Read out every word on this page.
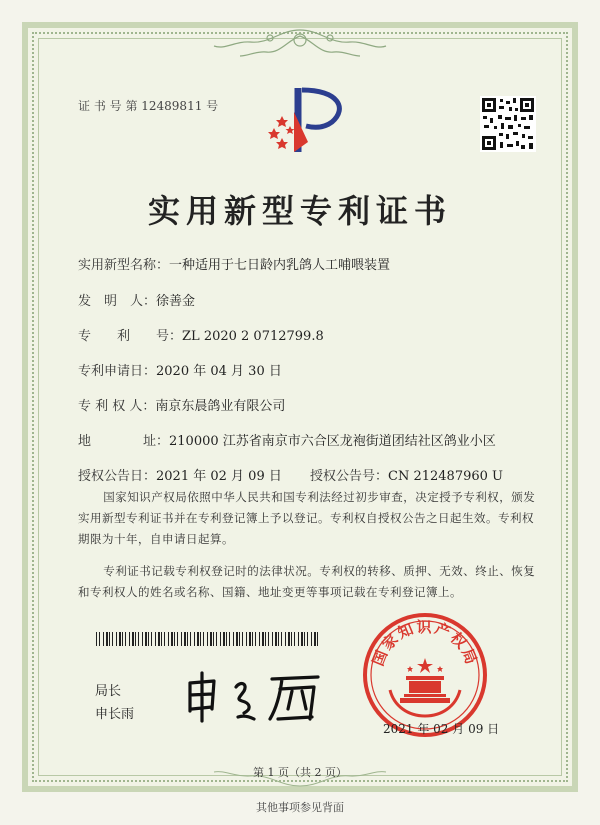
证 书 号 第 12489811 号
实用新型专利证书
实用新型名称：一种适用于七日龄内乳鸽人工哺喂装置
发　明　人：徐善金
专　　利　　号：ZL 2020 2 0712799.8
专利申请日：2020 年 04 月 30 日
专 利 权 人：南京东晨鸽业有限公司
地　　　　址：210000 江苏省南京市六合区龙袍街道团结社区鸽业小区
授权公告日：2021 年 02 月 09 日 授权公告号：CN 212487960 U
国家知识产权局依照中华人民共和国专利法经过初步审查，决定授予专利权，颁发实用新型专利证书并在专利登记簿上予以登记。专利权自授权公告之日起生效。专利权期限为十年，自申请日起算。
专利证书记载专利权登记时的法律状况。专利权的转移、质押、无效、终止、恢复和专利权人的姓名或名称、国籍、地址变更等事项记载在专利登记簿上。
局长
申长雨
国家知识产权局
2021 年 02 月 09 日
第 1 页（共 2 页）
其他事项参见背面
